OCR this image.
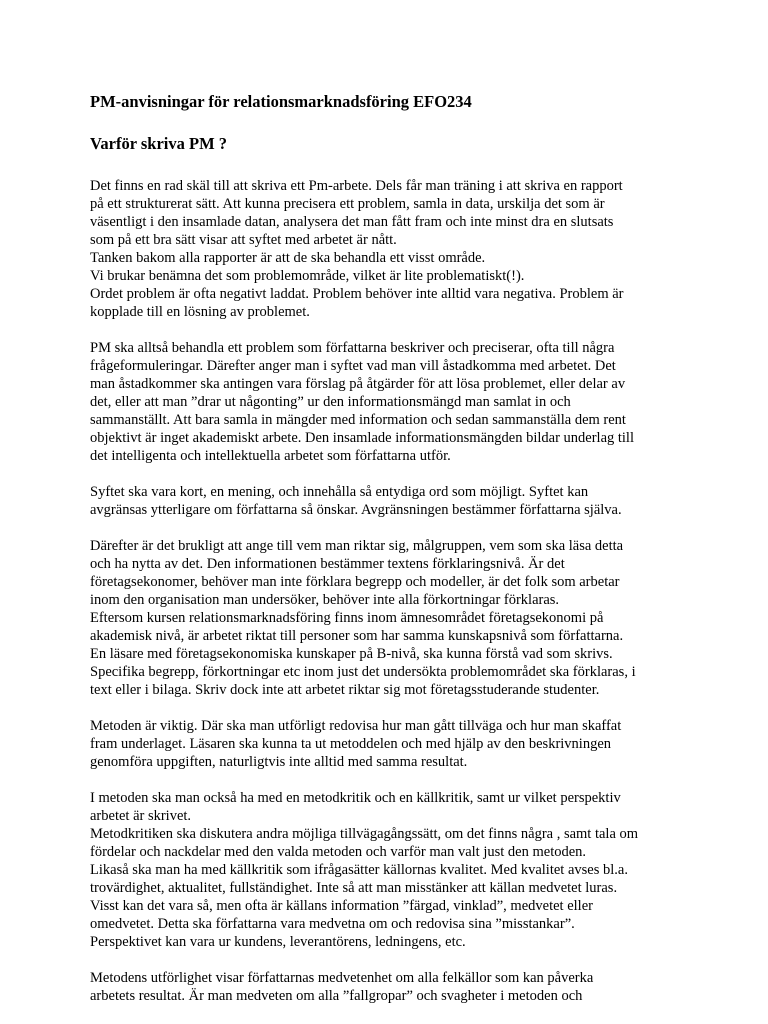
PM-anvisningar för relationsmarknadsföring EFO234
Varför skriva PM ?
Det finns en rad skäl till att skriva ett Pm-arbete. Dels får man träning i att skriva en rapport
på ett strukturerat sätt. Att kunna precisera ett problem, samla in data, urskilja det som är
väsentligt i den insamlade datan, analysera det man fått fram och inte minst dra en slutsats
som på ett bra sätt visar att syftet med arbetet är nått.
Tanken bakom alla rapporter är att de ska behandla ett visst område.
Vi brukar benämna det som problemområde, vilket är lite problematiskt(!).
Ordet problem är ofta negativt laddat. Problem behöver inte alltid vara negativa. Problem är
kopplade till en lösning av problemet.
PM ska alltså behandla ett problem som författarna beskriver och preciserar, ofta till några
frågeformuleringar. Därefter anger man i syftet vad man vill åstadkomma med arbetet. Det
man åstadkommer ska antingen vara förslag på åtgärder för att lösa problemet, eller delar av
det, eller att man ”drar ut någonting” ur den informationsmängd man samlat in och
sammanställt. Att bara samla in mängder med information och sedan sammanställa dem rent
objektivt är inget akademiskt arbete. Den insamlade informationsmängden bildar underlag till
det intelligenta och intellektuella arbetet som författarna utför.
Syftet ska vara kort, en mening, och innehålla så entydiga ord som möjligt. Syftet kan
avgränsas ytterligare om författarna så önskar. Avgränsningen bestämmer författarna själva.
Därefter är det brukligt att ange till vem man riktar sig, målgruppen, vem som ska läsa detta
och ha nytta av det. Den informationen bestämmer textens förklaringsnivå. Är det
företagsekonomer, behöver man inte förklara begrepp och modeller, är det folk som arbetar
inom den organisation man undersöker, behöver inte alla förkortningar förklaras.
Eftersom kursen relationsmarknadsföring finns inom ämnesområdet företagsekonomi på
akademisk nivå, är arbetet riktat till personer som har samma kunskapsnivå som författarna.
En läsare med företagsekonomiska kunskaper på B-nivå, ska kunna förstå vad som skrivs.
Specifika begrepp, förkortningar etc inom just det undersökta problemområdet ska förklaras, i
text eller i bilaga. Skriv dock inte att arbetet riktar sig mot företagsstuderande studenter.
Metoden är viktig. Där ska man utförligt redovisa hur man gått tillväga och hur man skaffat
fram underlaget. Läsaren ska kunna ta ut metoddelen och med hjälp av den beskrivningen
genomföra uppgiften, naturligtvis inte alltid med samma resultat.
I metoden ska man också ha med en metodkritik och en källkritik, samt ur vilket perspektiv
arbetet är skrivet.
Metodkritiken ska diskutera andra möjliga tillvägagångssätt, om det finns några , samt tala om
fördelar och nackdelar med den valda metoden och varför man valt just den metoden.
Likaså ska man ha med källkritik som ifrågasätter källornas kvalitet. Med kvalitet avses bl.a.
trovärdighet, aktualitet, fullständighet. Inte så att man misstänker att källan medvetet luras.
Visst kan det vara så, men ofta är källans information ”färgad, vinklad”, medvetet eller
omedvetet. Detta ska författarna vara medvetna om och redovisa sina ”misstankar”.
Perspektivet kan vara ur kundens, leverantörens, ledningens, etc.
Metodens utförlighet visar författarnas medvetenhet om alla felkällor som kan påverka
arbetets resultat. Är man medveten om alla ”fallgropar” och svagheter i metoden och
